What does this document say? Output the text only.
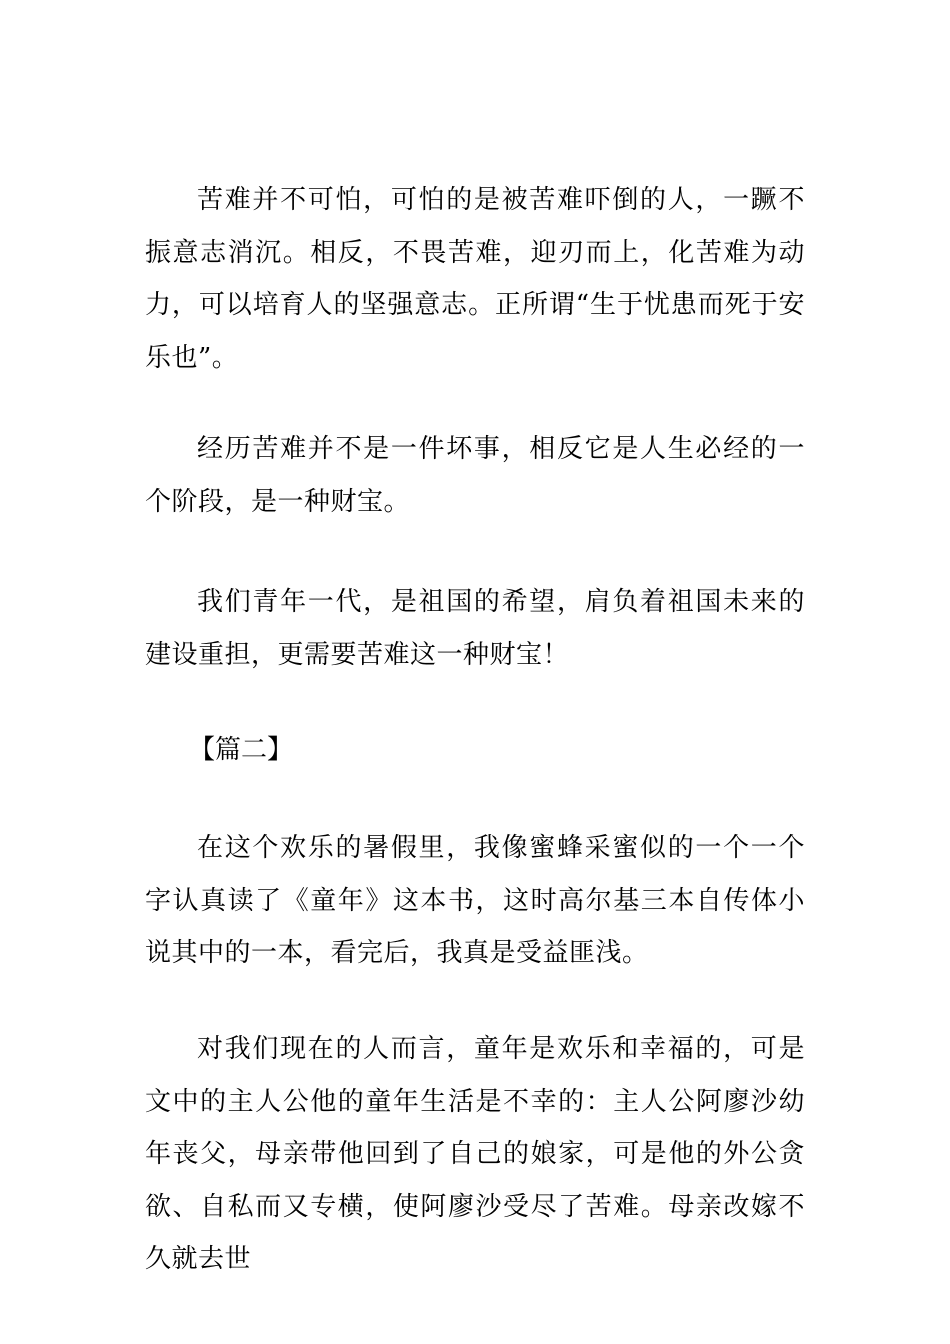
苦难并不可怕，可怕的是被苦难吓倒的人，一蹶不振意志消沉。相反，不畏苦难，迎刃而上，化苦难为动力，可以培育人的坚强意志。正所谓“生于忧患而死于安乐也”。

经历苦难并不是一件坏事，相反它是人生必经的一个阶段，是一种财宝。

我们青年一代，是祖国的希望，肩负着祖国未来的建设重担，更需要苦难这一种财宝！

【篇二】

在这个欢乐的暑假里，我像蜜蜂采蜜似的一个一个字认真读了《童年》这本书，这时高尔基三本自传体小说其中的一本，看完后，我真是受益匪浅。

对我们现在的人而言，童年是欢乐和幸福的，可是文中的主人公他的童年生活是不幸的：主人公阿廖沙幼年丧父，母亲带他回到了自己的娘家，可是他的外公贪欲、自私而又专横，使阿廖沙受尽了苦难。母亲改嫁不久就去世
